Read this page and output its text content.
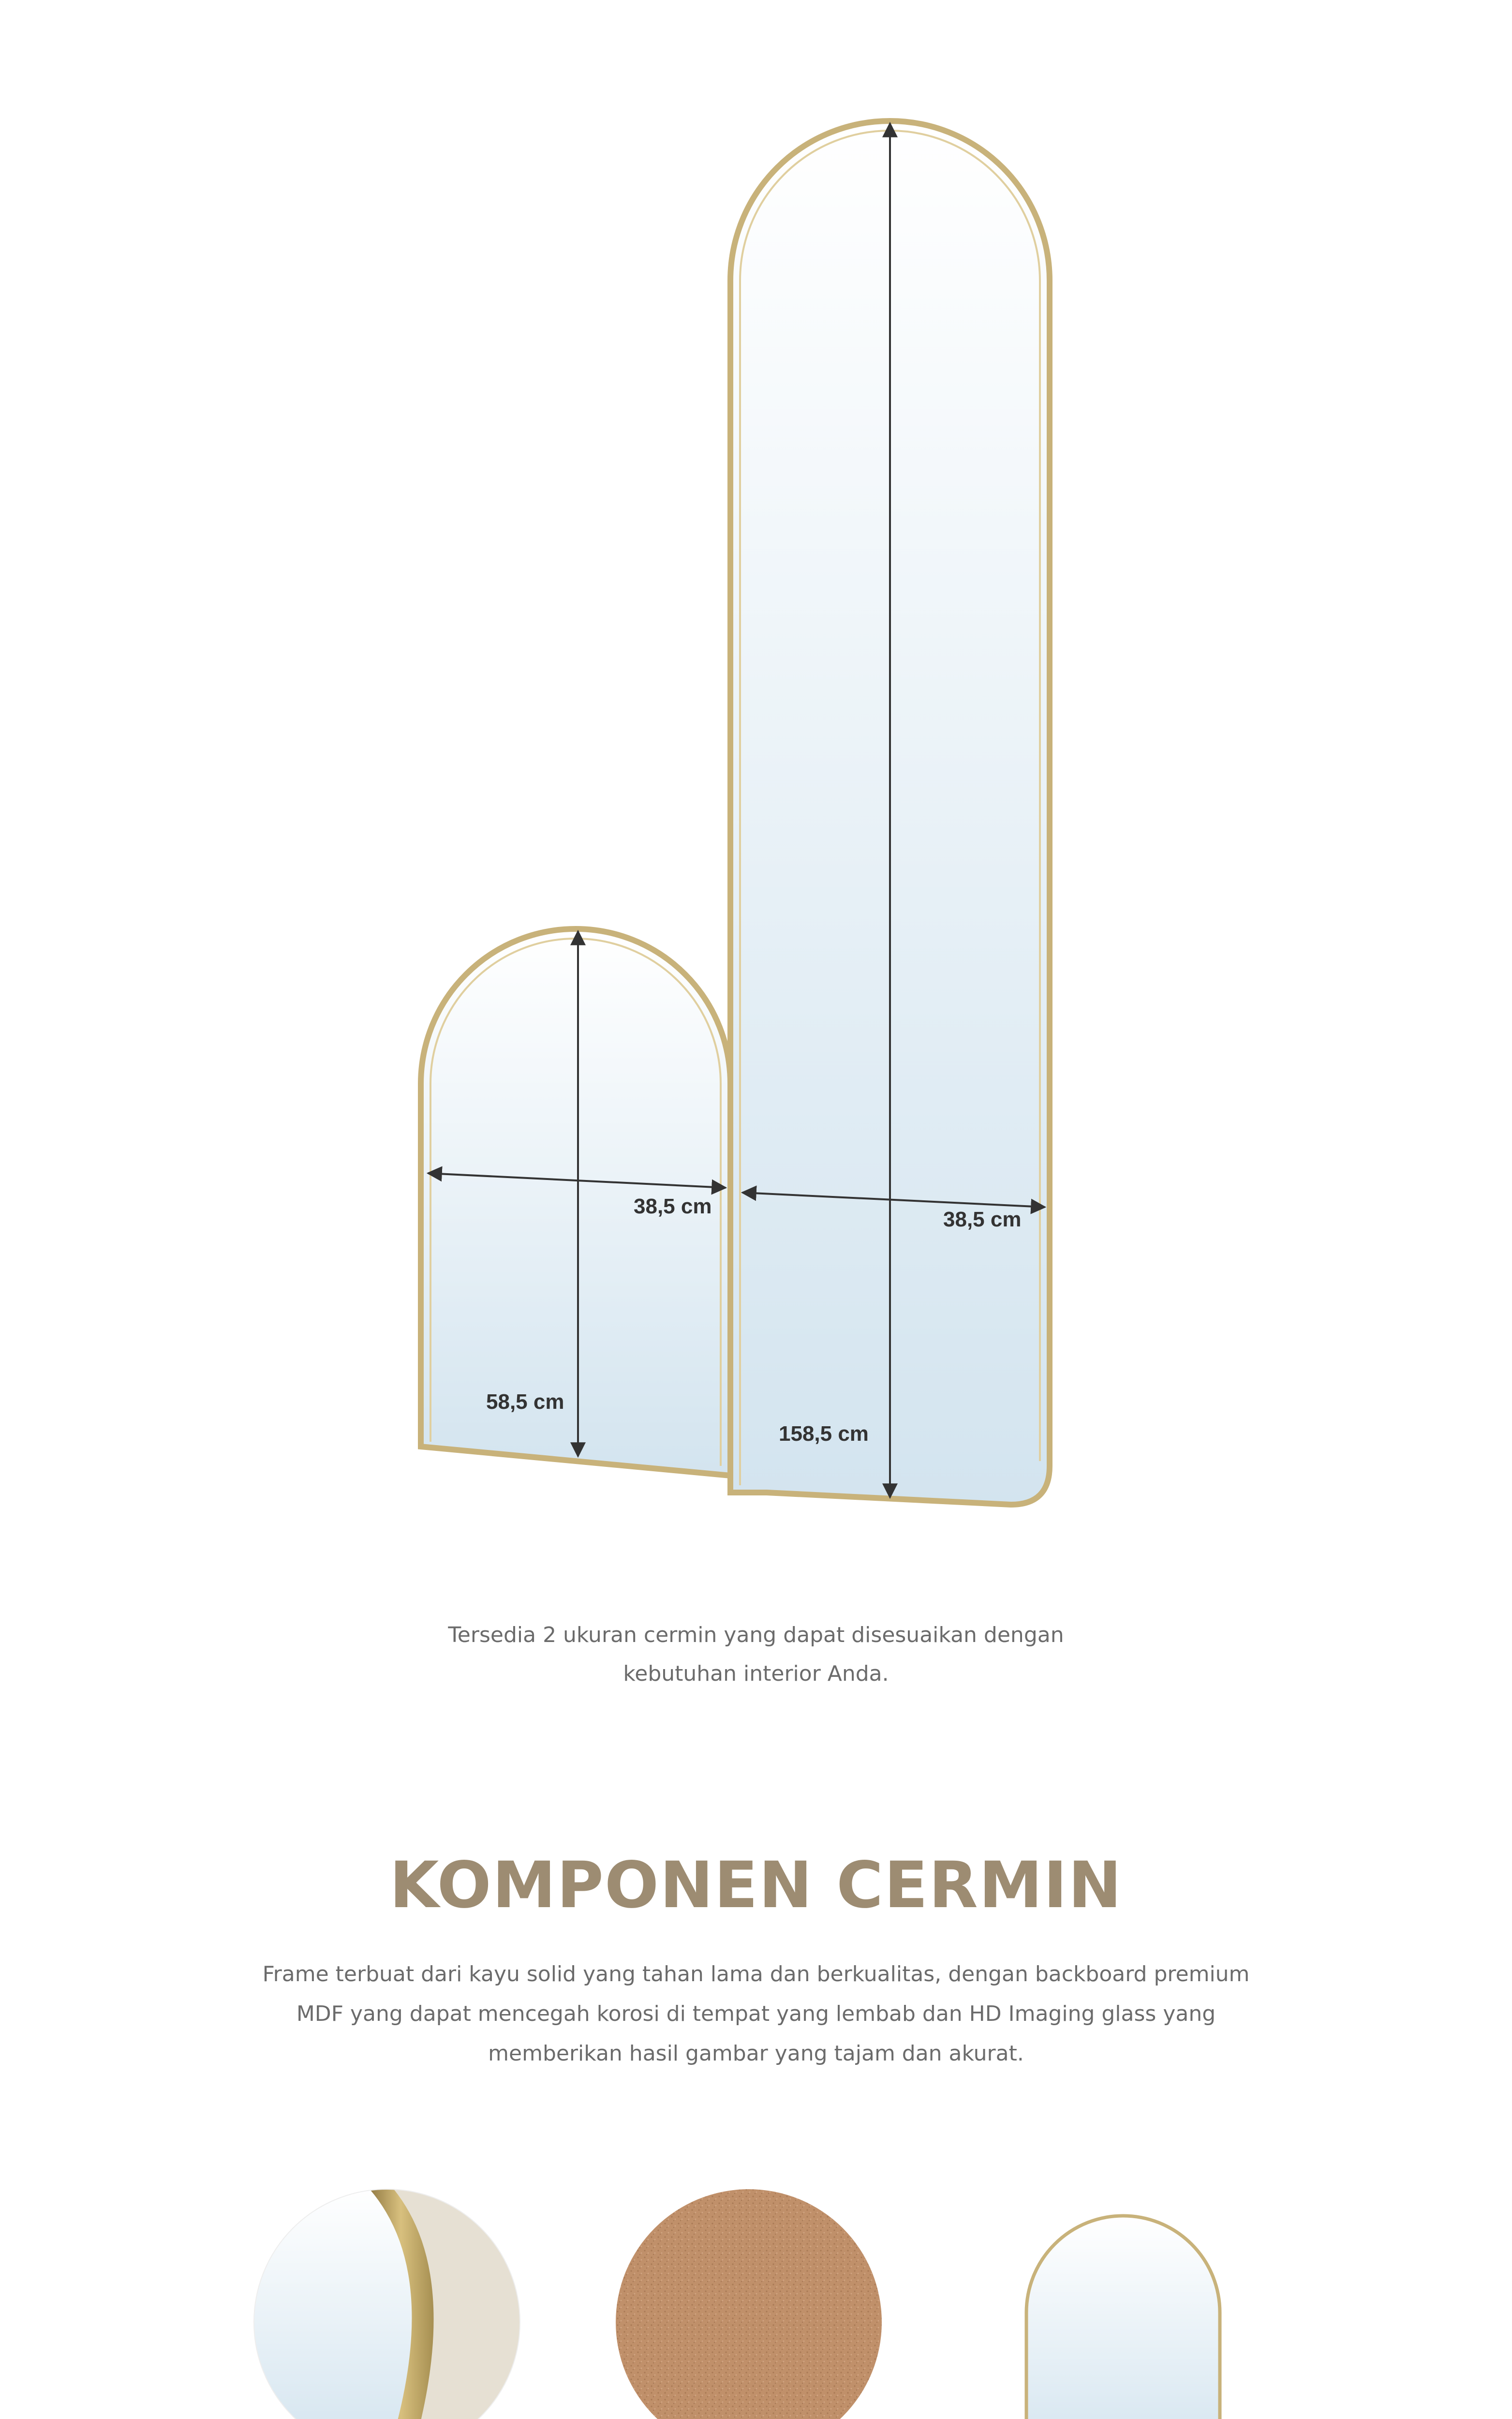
38,5 cm
58,5 cm
38,5 cm
158,5 cm
Tersedia 2 ukuran cermin yang dapat disesuaikan dengan
kebutuhan interior Anda.
KOMPONEN CERMIN
Frame terbuat dari kayu solid yang tahan lama dan berkualitas, dengan backboard premium
MDF yang dapat mencegah korosi di tempat yang lembab dan HD Imaging glass yang
memberikan hasil gambar yang tajam dan akurat.
